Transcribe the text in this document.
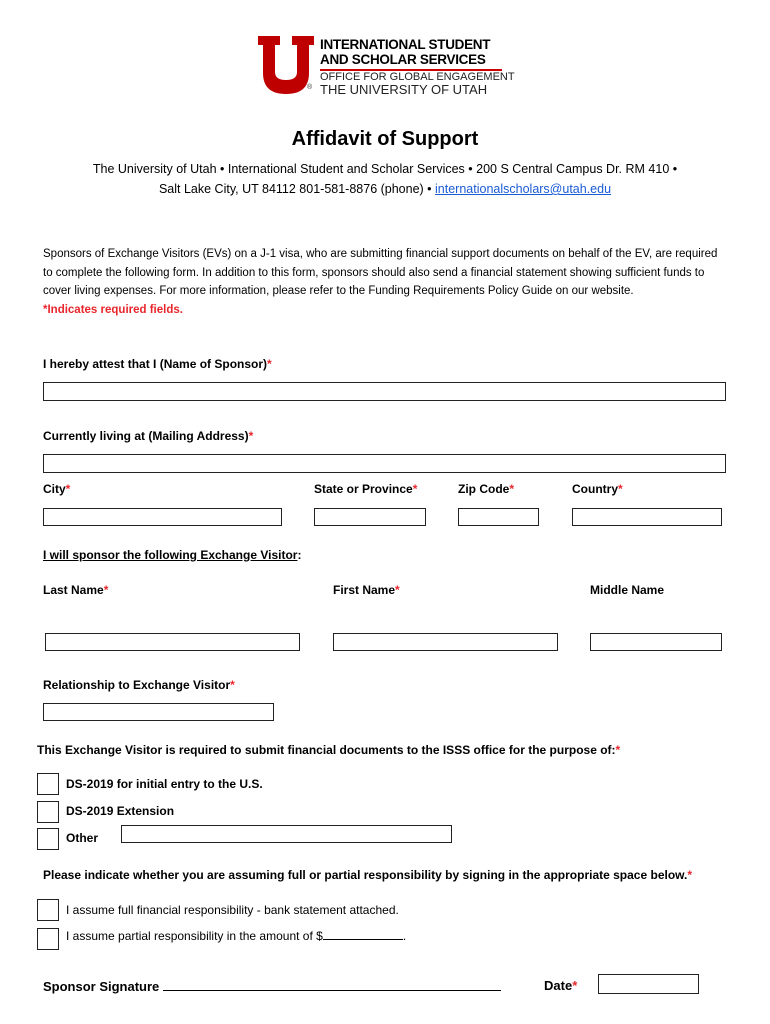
®
INTERNATIONAL STUDENT
AND SCHOLAR SERVICES
OFFICE FOR GLOBAL ENGAGEMENT
THE UNIVERSITY OF UTAH
Affidavit of Support
The University of Utah • International Student and Scholar Services • 200 S Central Campus Dr. RM 410 •
Salt Lake City, UT 84112 801-581-8876 (phone) • internationalscholars@utah.edu
Sponsors of Exchange Visitors (EVs) on a J-1 visa, who are submitting financial support documents on behalf of the EV, are required to complete the following form. In addition to this form, sponsors should also send a financial statement showing sufficient funds to cover living expenses. For more information, please refer to the Funding Requirements Policy Guide on our website.
*Indicates required fields.
I hereby attest that I (Name of Sponsor)*
Currently living at (Mailing Address)*
City*	State or Province*	Zip Code*	Country*
I will sponsor the following Exchange Visitor:
Last Name*	First Name*	Middle Name
Relationship to Exchange Visitor*
This Exchange Visitor is required to submit financial documents to the ISSS office for the purpose of:*
DS-2019 for initial entry to the U.S.
DS-2019 Extension
Other
Please indicate whether you are assuming full or partial responsibility by signing in the appropriate space below.*
I assume full financial responsibility - bank statement attached.
I assume partial responsibility in the amount of $	.
Sponsor Signature	Date*
